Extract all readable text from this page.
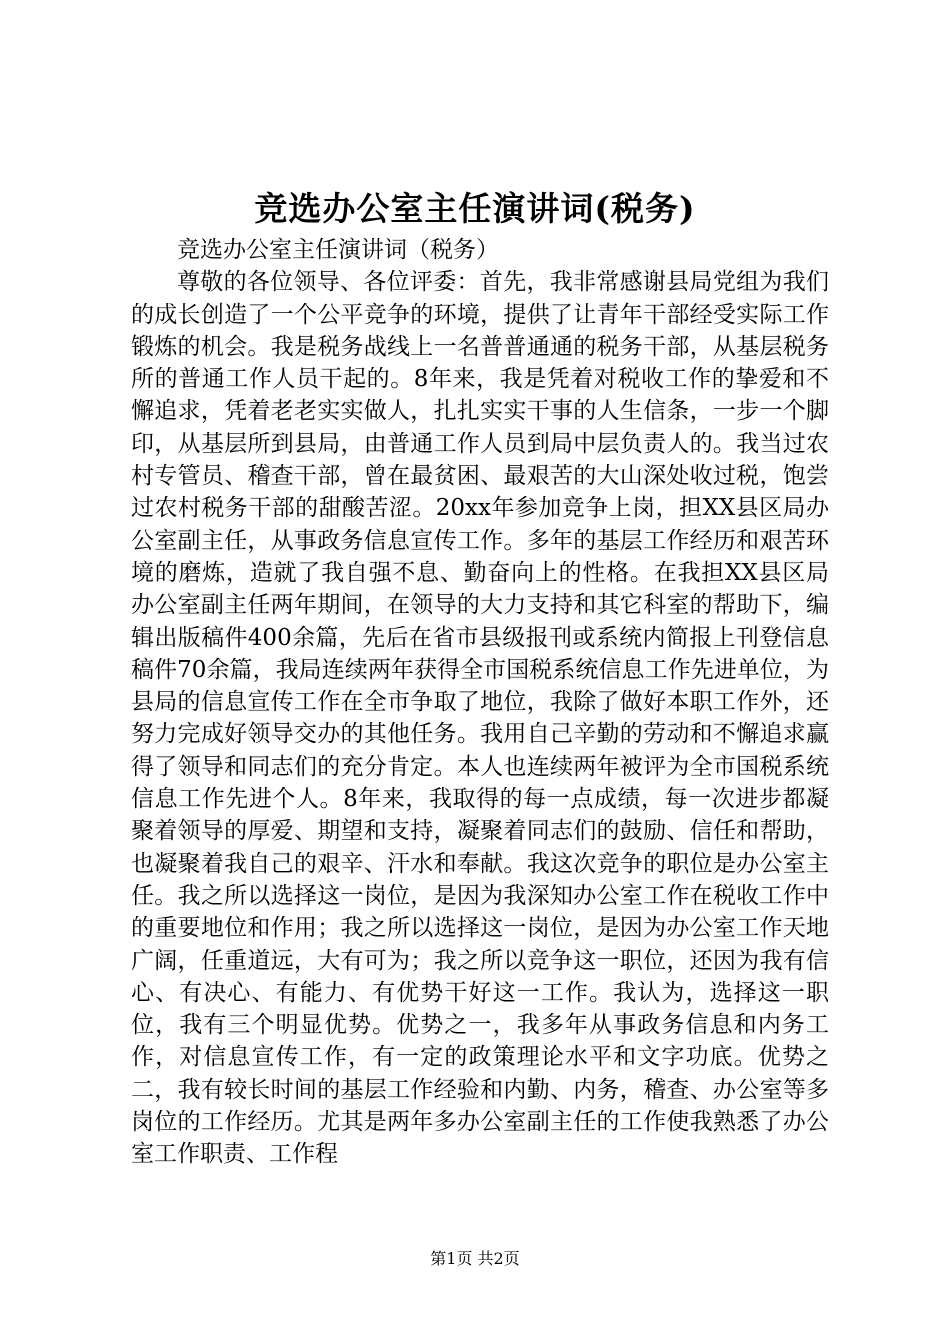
竞选办公室主任演讲词(税务)

竞选办公室主任演讲词（税务）

尊敬的各位领导、各位评委：首先，我非常感谢县局党组为我们的成长创造了一个公平竞争的环境，提供了让青年干部经受实际工作锻炼的机会。我是税务战线上一名普普通通的税务干部，从基层税务所的普通工作人员干起的。8年来，我是凭着对税收工作的挚爱和不懈追求，凭着老老实实做人，扎扎实实干事的人生信条，一步一个脚印，从基层所到县局，由普通工作人员到局中层负责人的。我当过农村专管员、稽查干部，曾在最贫困、最艰苦的大山深处收过税，饱尝过农村税务干部的甜酸苦涩。20xx年参加竞争上岗，担XX县区局办公室副主任，从事政务信息宣传工作。多年的基层工作经历和艰苦环境的磨炼，造就了我自强不息、勤奋向上的性格。在我担XX县区局办公室副主任两年期间，在领导的大力支持和其它科室的帮助下，编辑出版稿件400余篇，先后在省市县级报刊或系统内简报上刊登信息稿件70余篇，我局连续两年获得全市国税系统信息工作先进单位，为县局的信息宣传工作在全市争取了地位，我除了做好本职工作外，还努力完成好领导交办的其他任务。我用自己辛勤的劳动和不懈追求赢得了领导和同志们的充分肯定。本人也连续两年被评为全市国税系统信息工作先进个人。8年来，我取得的每一点成绩，每一次进步都凝聚着领导的厚爱、期望和支持，凝聚着同志们的鼓励、信任和帮助，也凝聚着我自己的艰辛、汗水和奉献。我这次竞争的职位是办公室主任。我之所以选择这一岗位，是因为我深知办公室工作在税收工作中的重要地位和作用；我之所以选择这一岗位，是因为办公室工作天地广阔，任重道远，大有可为；我之所以竞争这一职位，还因为我有信心、有决心、有能力、有优势干好这一工作。我认为，选择这一职位，我有三个明显优势。优势之一，我多年从事政务信息和内务工作，对信息宣传工作，有一定的政策理论水平和文字功底。优势之二，我有较长时间的基层工作经验和内勤、内务，稽查、办公室等多岗位的工作经历。尤其是两年多办公室副主任的工作使我熟悉了办公室工作职责、工作程

第1页 共2页
